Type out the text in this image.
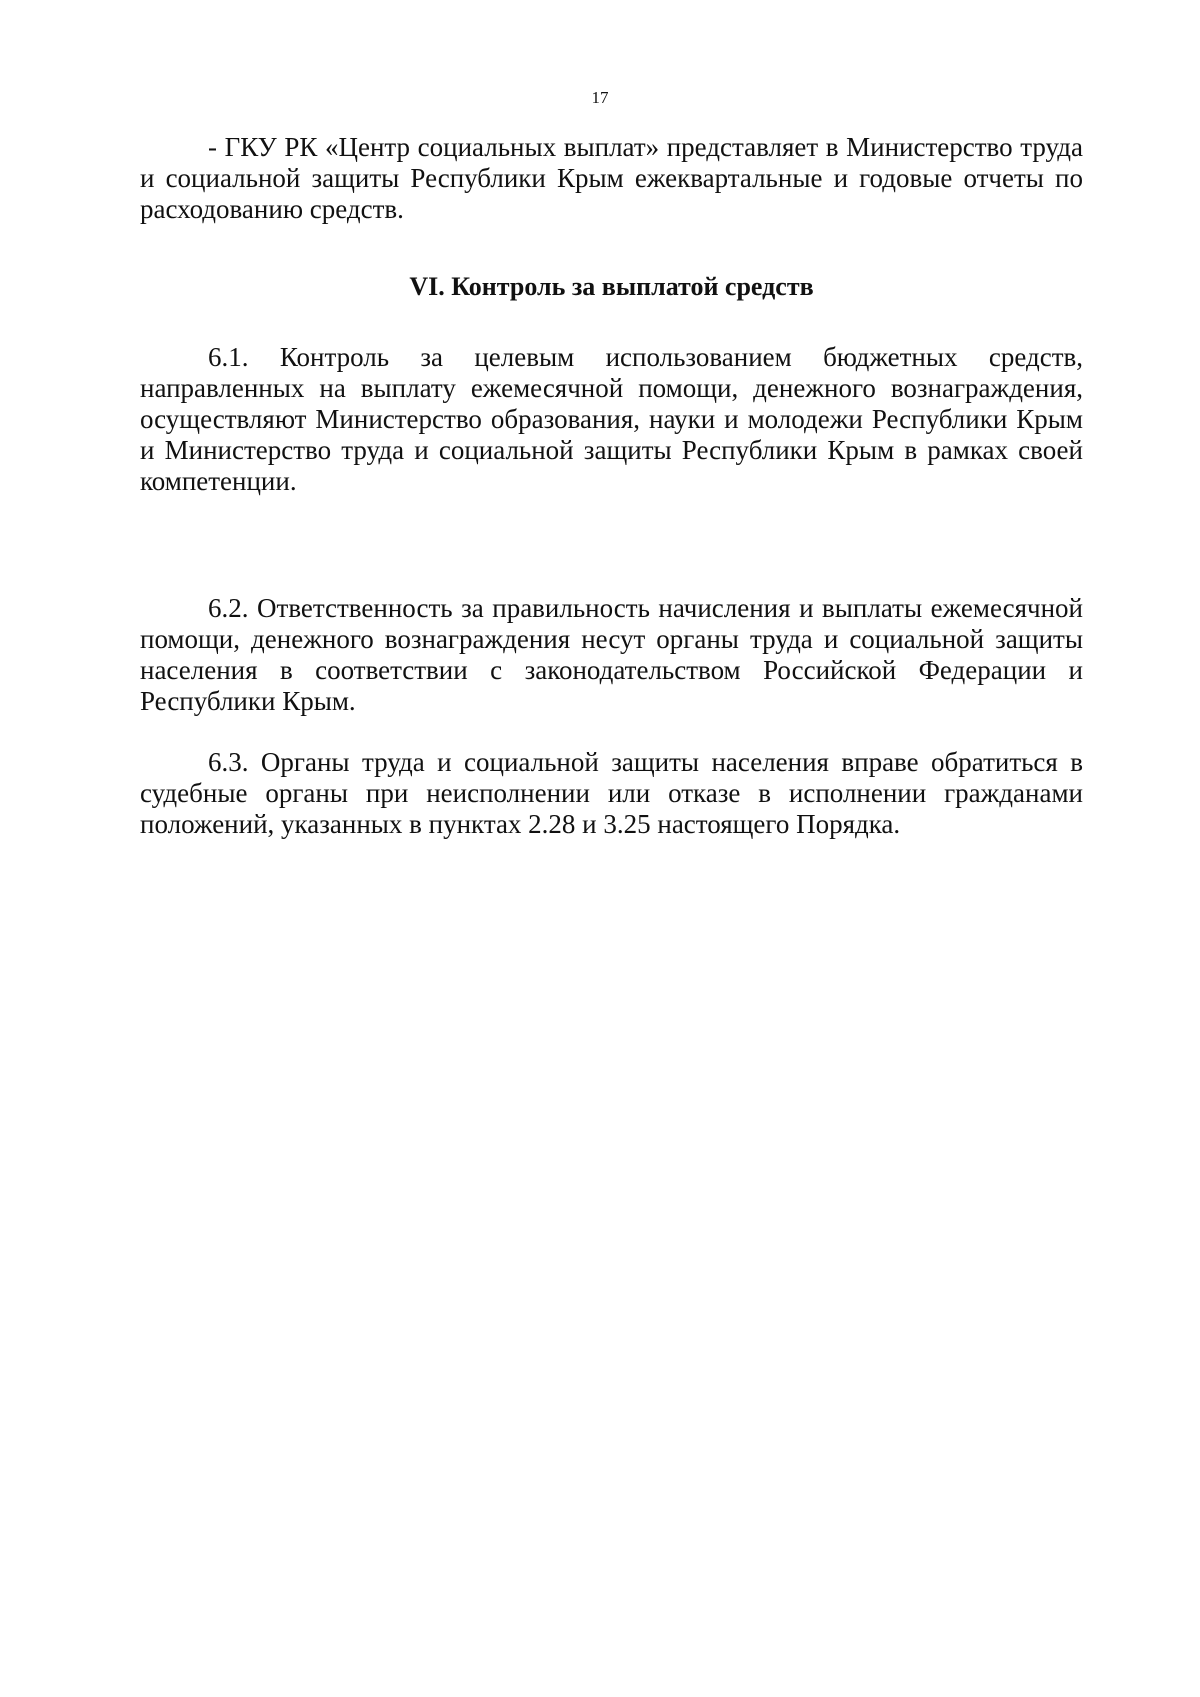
17

- ГКУ РК «Центр социальных выплат» представляет в Министерство труда и социальной защиты Республики Крым ежеквартальные и годовые отчеты по расходованию средств.

VI. Контроль за выплатой средств

6.1. Контроль за целевым использованием бюджетных средств, направленных на выплату ежемесячной помощи, денежного вознаграждения, осуществляют Министерство образования, науки и молодежи Республики Крым и Министерство труда и социальной защиты Республики Крым в рамках своей компетенции.

6.2. Ответственность за правильность начисления и выплаты ежемесячной помощи, денежного вознаграждения несут органы труда и социальной защиты населения в соответствии с законодательством Российской Федерации и Республики Крым.

6.3. Органы труда и социальной защиты населения вправе обратиться в судебные органы при неисполнении или отказе в исполнении гражданами положений, указанных в пунктах 2.28 и 3.25 настоящего Порядка.
